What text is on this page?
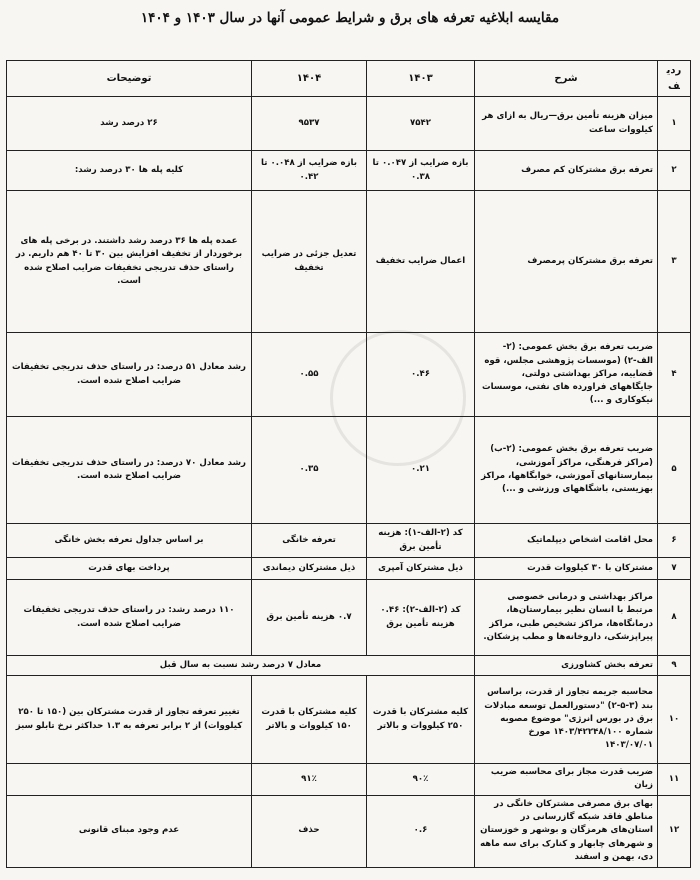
مقایسه ابلاغیه تعرفه های برق و شرایط عمومی آنها در سال ۱۴۰۳ و ۱۴۰۴
ردیف	شرح	۱۴۰۳	۱۴۰۴	توضیحات
۱	میزان هزینه تأمین برق—ریال به ازای هر کیلووات ساعت	۷۵۴۲	۹۵۳۷	۲۶ درصد رشد
۲	تعرفه برق مشترکان کم مصرف	بازه ضرایب از ۰.۰۴۷ تا ۰.۳۸	بازه ضرایب از ۰.۰۴۸ تا ۰.۴۲	کلیه پله ها ۳۰ درصد رشد:
۳	تعرفه برق مشترکان پرمصرف	اعمال ضرایب تخفیف	تعدیل جزئی در ضرایب تخفیف	عمده پله ها ۳۶ درصد رشد داشتند. در برخی پله های برخوردار از تخفیف افزایش بین ۳۰ تا ۴۰ هم داریم. در راستای حذف تدریجی تخفیفات ضرایب اصلاح شده است.
۴	ضریب تعرفه برق بخش عمومی: (۲-الف-۲) (موسسات پژوهشی مجلس، قوه قضاییه، مراکز بهداشتی دولتی، جایگاههای فراورده های نفتی، موسسات نیکوکاری و ...)	۰.۴۶	۰.۵۵	رشد معادل ۵۱ درصد: در راستای حذف تدریجی تخفیفات ضرایب اصلاح شده است.
۵	ضریب تعرفه برق بخش عمومی: (۲-ب) (مراکز فرهنگی، مراکز آموزشی، بیمارستانهای آموزشی، خوابگاهها، مراکز بهزیستی، باشگاههای ورزشی و ...)	۰.۲۱	۰.۳۵	رشد معادل ۷۰ درصد: در راستای حذف تدریجی تخفیفات ضرایب اصلاح شده است.
۶	محل اقامت اشخاص دیپلماتیک	کد (۲-الف-۱): هزینه تأمین برق	تعرفه خانگی	بر اساس جداول تعرفه بخش خانگی
۷	مشترکان با ۳۰ کیلووات قدرت	ذیل مشترکان آمپری	ذیل مشترکان دیماندی	پرداخت بهای قدرت
۸	مراکز بهداشتی و درمانی خصوصی مرتبط با انسان نظیر بیمارستان‌ها، درمانگاه‌ها، مراکز تشخیص طبی، مراکز پیراپزشکی، داروخانه‌ها و مطب پزشکان.	کد (۲-الف-۲): ۰.۴۶ هزینه تأمین برق	۰.۷ هزینه تأمین برق	۱۱۰ درصد رشد: در راستای حذف تدریجی تخفیفات ضرایب اصلاح شده است.
۹	تعرفه بخش کشاورزی	معادل ۷ درصد رشد نسبت به سال قبل		
۱۰	محاسبه جریمه تجاوز از قدرت، براساس بند (۳-۵-۲) "دستورالعمل توسعه مبادلات برق در بورس انرژی" موضوع مصوبه شماره ۱۴۰۳/۴۲۲۴۸/۱۰۰ مورخ ۱۴۰۳/۰۷/۰۱	کلیه مشترکان با قدرت ۲۵۰ کیلووات و بالاتر	کلیه مشترکان با قدرت ۱۵۰ کیلووات و بالاتر	تغییر تعرفه تجاوز از قدرت مشترکان بین (۱۵۰ تا ۲۵۰ کیلووات) از ۲ برابر تعرفه به ۱.۳ حداکثر نرخ تابلو سبز
۱۱	ضریب قدرت مجاز برای محاسبه ضریب زیان	۹۰٪	۹۱٪	
۱۲	بهای برق مصرفی مشترکان خانگی در مناطق فاقد شبکه گازرسانی در استان‌های هرمزگان و بوشهر و خوزستان و شهرهای چابهار و کنارک برای سه ماهه دی، بهمن و اسفند	۰.۶	حذف	عدم وجود مبنای قانونی
